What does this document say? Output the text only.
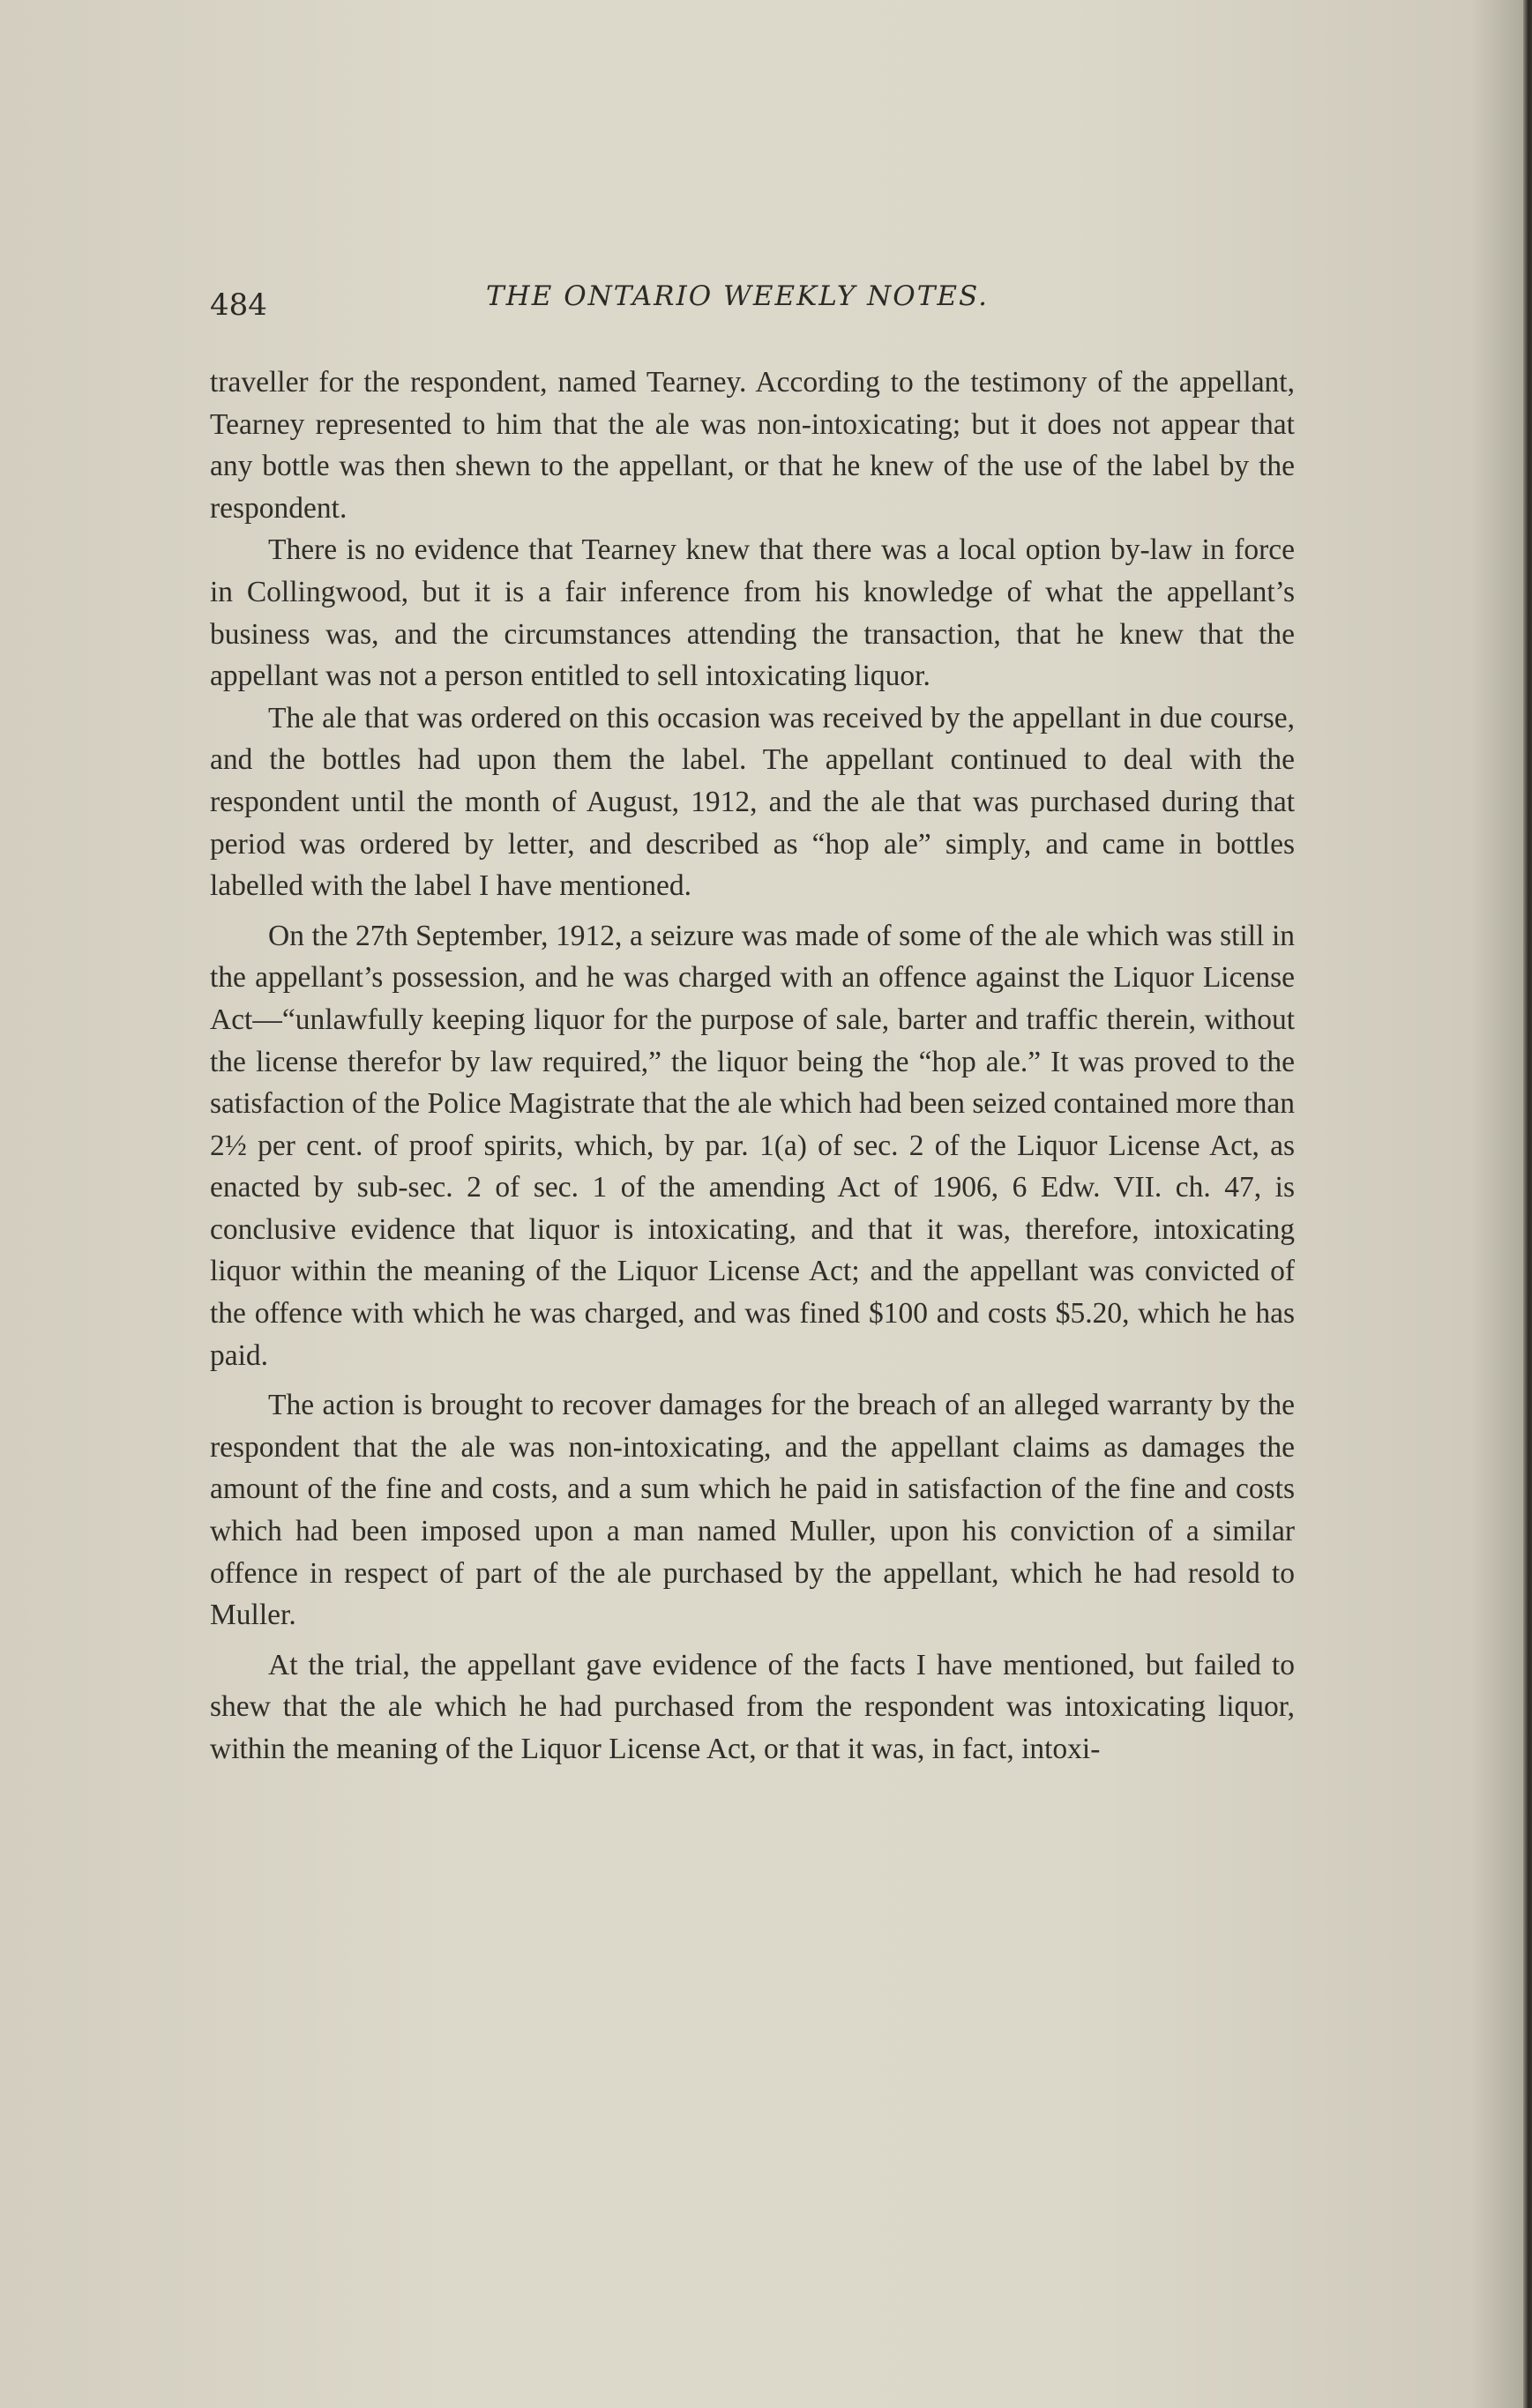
484	THE ONTARIO WEEKLY NOTES.

traveller for the respondent, named Tearney. According to the testimony of the appellant, Tearney represented to him that the ale was non-intoxicating; but it does not appear that any bottle was then shewn to the appellant, or that he knew of the use of the label by the respondent.

There is no evidence that Tearney knew that there was a local option by-law in force in Collingwood, but it is a fair inference from his knowledge of what the appellant’s business was, and the circumstances attending the transaction, that he knew that the appellant was not a person entitled to sell intoxicating liquor.

The ale that was ordered on this occasion was received by the appellant in due course, and the bottles had upon them the label. The appellant continued to deal with the respondent until the month of August, 1912, and the ale that was purchased during that period was ordered by letter, and described as “hop ale” simply, and came in bottles labelled with the label I have mentioned.

On the 27th September, 1912, a seizure was made of some of the ale which was still in the appellant’s possession, and he was charged with an offence against the Liquor License Act—“unlawfully keeping liquor for the purpose of sale, barter and traffic therein, without the license therefor by law required,” the liquor being the “hop ale.” It was proved to the satisfaction of the Police Magistrate that the ale which had been seized contained more than 2½ per cent. of proof spirits, which, by par. 1(a) of sec. 2 of the Liquor License Act, as enacted by sub-sec. 2 of sec. 1 of the amending Act of 1906, 6 Edw. VII. ch. 47, is conclusive evidence that liquor is intoxicating, and that it was, therefore, intoxicating liquor within the meaning of the Liquor License Act; and the appellant was convicted of the offence with which he was charged, and was fined $100 and costs $5.20, which he has paid.

The action is brought to recover damages for the breach of an alleged warranty by the respondent that the ale was non-intoxicating, and the appellant claims as damages the amount of the fine and costs, and a sum which he paid in satisfaction of the fine and costs which had been imposed upon a man named Muller, upon his conviction of a similar offence in respect of part of the ale purchased by the appellant, which he had resold to Muller.

At the trial, the appellant gave evidence of the facts I have mentioned, but failed to shew that the ale which he had purchased from the respondent was intoxicating liquor, within the meaning of the Liquor License Act, or that it was, in fact, intoxi-
